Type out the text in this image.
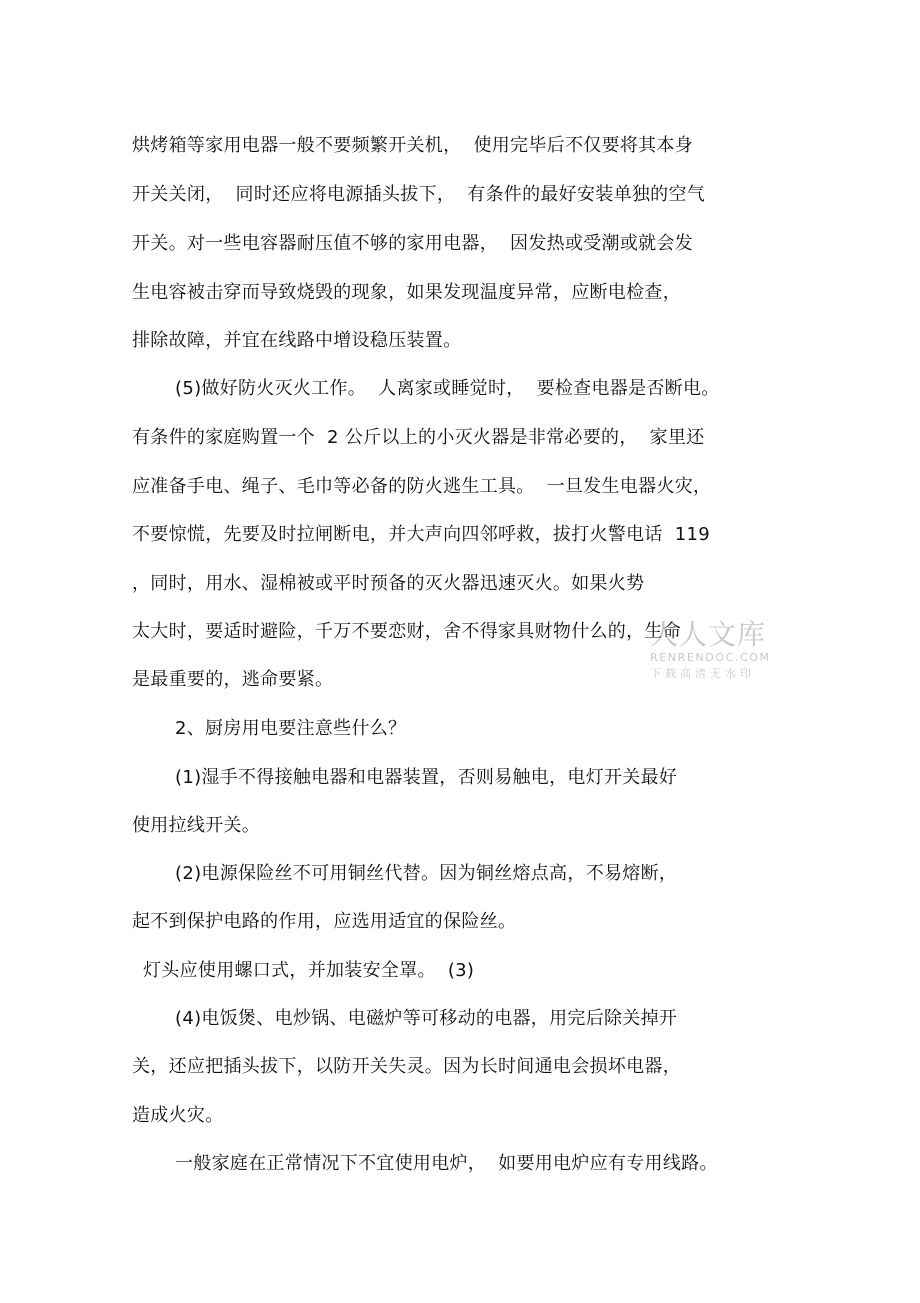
烘烤箱等家用电器一般不要频繁开关机，  使用完毕后不仅要将其本身
开关关闭，  同时还应将电源插头拔下，  有条件的最好安装单独的空气
开关。对一些电容器耐压值不够的家用电器，  因发热或受潮或就会发
生电容被击穿而导致烧毁的现象，如果发现温度异常，应断电检查，
排除故障，并宜在线路中增设稳压装置。
(5)做好防火灭火工作。  人离家或睡觉时，  要检查电器是否断电。
有条件的家庭购置一个  2 公斤以上的小灭火器是非常必要的，  家里还
应准备手电、绳子、毛巾等必备的防火逃生工具。  一旦发生电器火灾，
不要惊慌，先要及时拉闸断电，并大声向四邻呼救，拔打火警电话  119
，同时，用水、湿棉被或平时预备的灭火器迅速灭火。如果火势
太大时，要适时避险，千万不要恋财，舍不得家具财物什么的，生命
是最重要的，逃命要紧。
2、厨房用电要注意些什么？
(1)湿手不得接触电器和电器装置，否则易触电，电灯开关最好
使用拉线开关。
(2)电源保险丝不可用铜丝代替。因为铜丝熔点高，不易熔断，
起不到保护电路的作用，应选用适宜的保险丝。
灯头应使用螺口式，并加装安全罩。  (3)
(4)电饭煲、电炒锅、电磁炉等可移动的电器，用完后除关掉开
关，还应把插头拔下，以防开关失灵。因为长时间通电会损坏电器，
造成火灾。
一般家庭在正常情况下不宜使用电炉，  如要用电炉应有专用线路。
人人文库
RENRENDOC.COM
下载高清无水印
